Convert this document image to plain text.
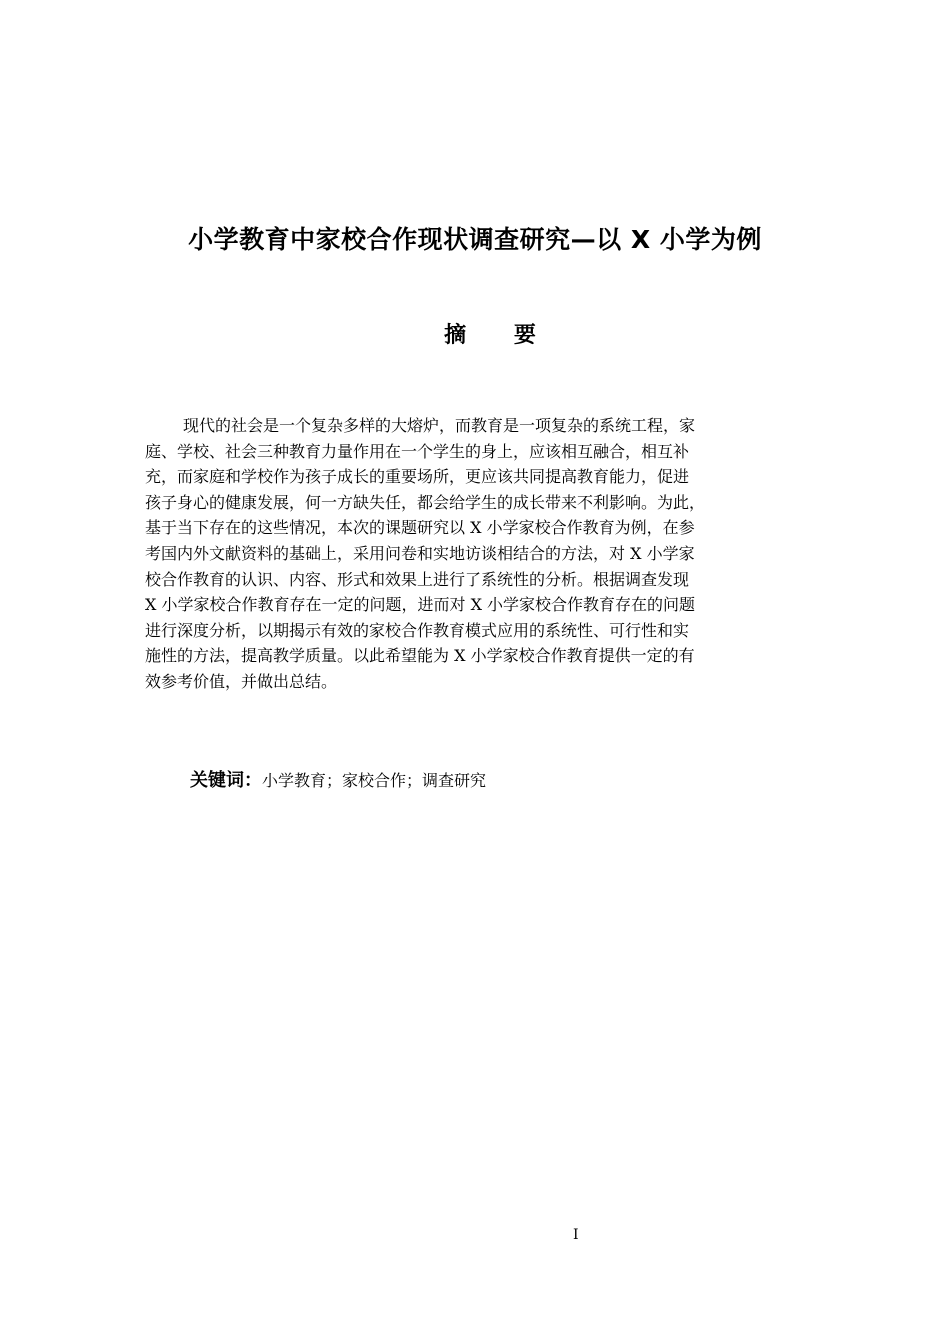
小学教育中家校合作现状调查研究—以 X 小学为例
摘 要
现代的社会是一个复杂多样的大熔炉，而教育是一项复杂的系统工程，家
庭、学校、社会三种教育力量作用在一个学生的身上，应该相互融合，相互补
充，而家庭和学校作为孩子成长的重要场所，更应该共同提高教育能力，促进
孩子身心的健康发展，何一方缺失任，都会给学生的成长带来不利影响。为此，
基于当下存在的这些情况，本次的课题研究以 X 小学家校合作教育为例，在参
考国内外文献资料的基础上，采用问卷和实地访谈相结合的方法，对 X 小学家
校合作教育的认识、内容、形式和效果上进行了系统性的分析。根据调查发现
X 小学家校合作教育存在一定的问题，进而对 X 小学家校合作教育存在的问题
进行深度分析，以期揭示有效的家校合作教育模式应用的系统性、可行性和实
施性的方法，提高教学质量。以此希望能为 X 小学家校合作教育提供一定的有
效参考价值，并做出总结。

关键词：小学教育；家校合作；调查研究

I
